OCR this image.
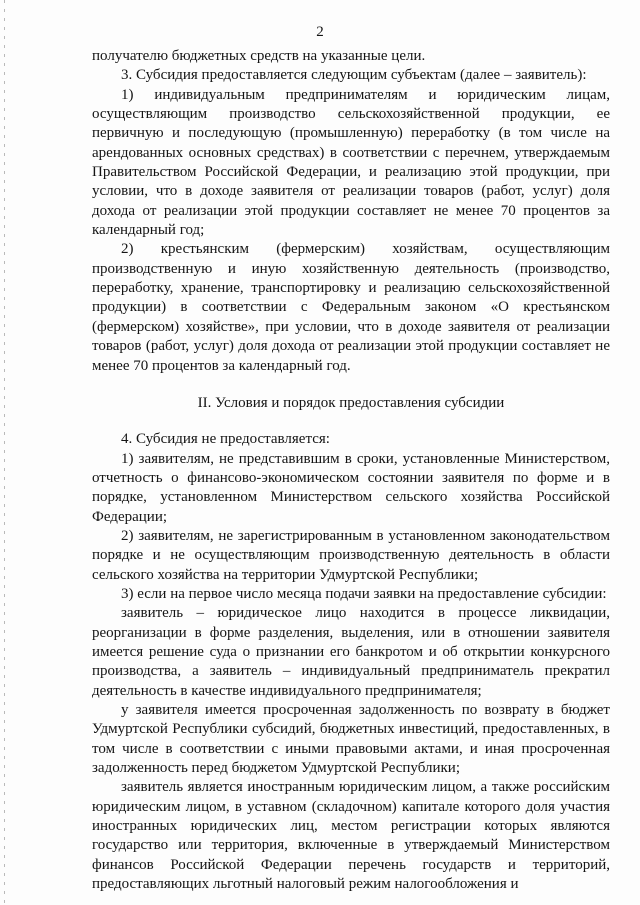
2

получателю бюджетных средств на указанные цели.

3. Субсидия предоставляется следующим субъектам (далее – заявитель):

1) индивидуальным предпринимателям и юридическим лицам, осуществляющим производство сельскохозяйственной продукции, ее первичную и последующую (промышленную) переработку (в том числе на арендованных основных средствах) в соответствии с перечнем, утверждаемым Правительством Российской Федерации, и реализацию этой продукции, при условии, что в доходе заявителя от реализации товаров (работ, услуг) доля дохода от реализации этой продукции составляет не менее 70 процентов за календарный год;

2) крестьянским (фермерским) хозяйствам, осуществляющим производственную и иную хозяйственную деятельность (производство, переработку, хранение, транспортировку и реализацию сельскохозяйственной продукции) в соответствии с Федеральным законом «О крестьянском (фермерском) хозяйстве», при условии, что в доходе заявителя от реализации товаров (работ, услуг) доля дохода от реализации этой продукции составляет не менее 70 процентов за календарный год.

II. Условия и порядок предоставления субсидии

4. Субсидия не предоставляется:

1) заявителям, не представившим в сроки, установленные Министерством, отчетность о финансово-экономическом состоянии заявителя по форме и в порядке, установленном Министерством сельского хозяйства Российской Федерации;

2) заявителям, не зарегистрированным в установленном законодательством порядке и не осуществляющим производственную деятельность в области сельского хозяйства на территории Удмуртской Республики;

3) если на первое число месяца подачи заявки на предоставление субсидии:

заявитель – юридическое лицо находится в процессе ликвидации, реорганизации в форме разделения, выделения, или в отношении заявителя имеется решение суда о признании его банкротом и об открытии конкурсного производства, а заявитель – индивидуальный предприниматель прекратил деятельность в качестве индивидуального предпринимателя;

у заявителя имеется просроченная задолженность по возврату в бюджет Удмуртской Республики субсидий, бюджетных инвестиций, предоставленных, в том числе в соответствии с иными правовыми актами, и иная просроченная задолженность перед бюджетом Удмуртской Республики;

заявитель является иностранным юридическим лицом, а также российским юридическим лицом, в уставном (складочном) капитале которого доля участия иностранных юридических лиц, местом регистрации которых являются государство или территория, включенные в утверждаемый Министерством финансов Российской Федерации перечень государств и территорий, предоставляющих льготный налоговый режим налогообложения и
